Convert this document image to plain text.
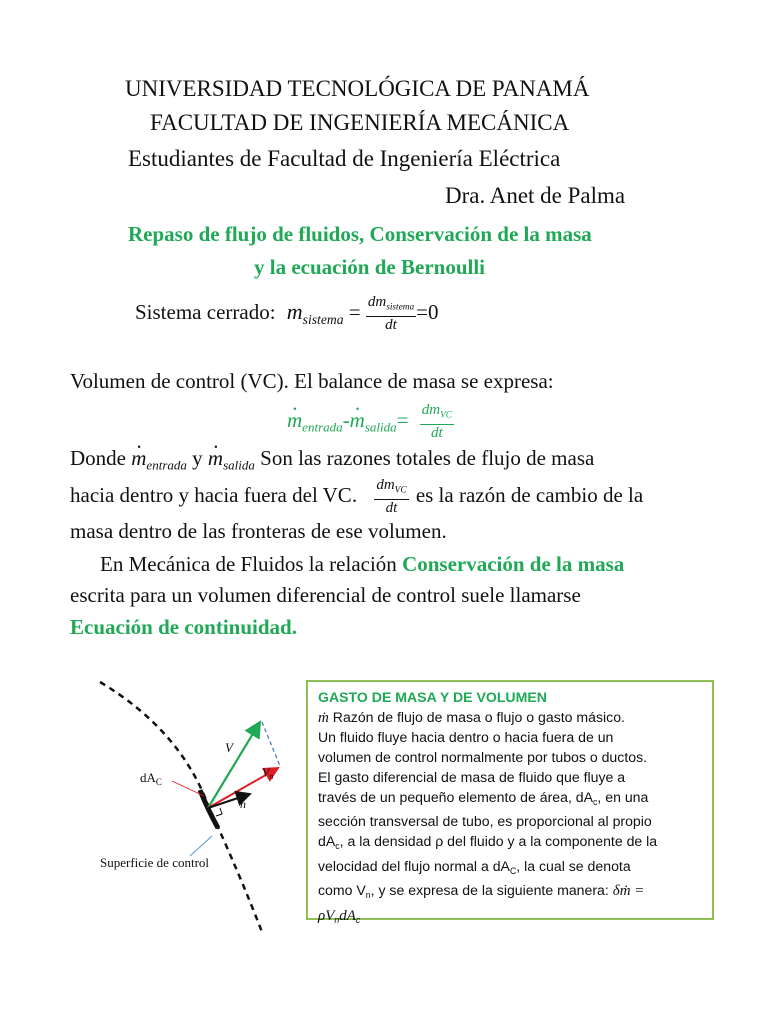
UNIVERSIDAD TECNOLÓGICA DE PANAMÁ
FACULTAD DE INGENIERÍA MECÁNICA
Estudiantes de Facultad de Ingeniería Eléctrica
Dra. Anet de Palma
Repaso de flujo de fluidos, Conservación de la masa
y la ecuación de Bernoulli
Sistema cerrado: $m_{sistema} = \frac{dm_{sistema}}{dt} =0$
Volumen de control (VC). El balance de masa se expresa:
· $m_{entrada}-\cdot m_{salida}= \frac{dm_{VC}}{dt}$
Donde · $m_{entrada}$ $y \cdot m_{salida}$ Son las razones totales de flujo de masa
hacia dentro y hacia fuera del VC. $\frac{dm_{VC}}{dt}$ es la razón de cambio de la
masa dentro de las fronteras de ese volumen.
En Mecánica de Fluidos la relación Conservación de la masa
escrita para un volumen diferencial de control suele llamarse
Ecuación de continuidad.
$dA_C$
V
$V_n$
n
Superficie de control
GASTO DE MASA Y DE VOLUMEN
ṁ Razón de flujo de masa o flujo o gasto másico.
Un fluido fluye hacia dentro o hacia fuera de un
volumen de control normalmente por tubos o ductos.
El gasto diferencial de masa de fluido que fluye a
través de un pequeño elemento de área, $dA_c$, en una
sección transversal de tubo, es proporcional al propio
$dA_c$, a la densidad ρ del fluido y a la componente de la
velocidad del flujo normal a $dA_C$, la cual se denota
como $V_n$, y se expresa de la siguiente manera: δṁ =
$\rho V_ndA_c$
